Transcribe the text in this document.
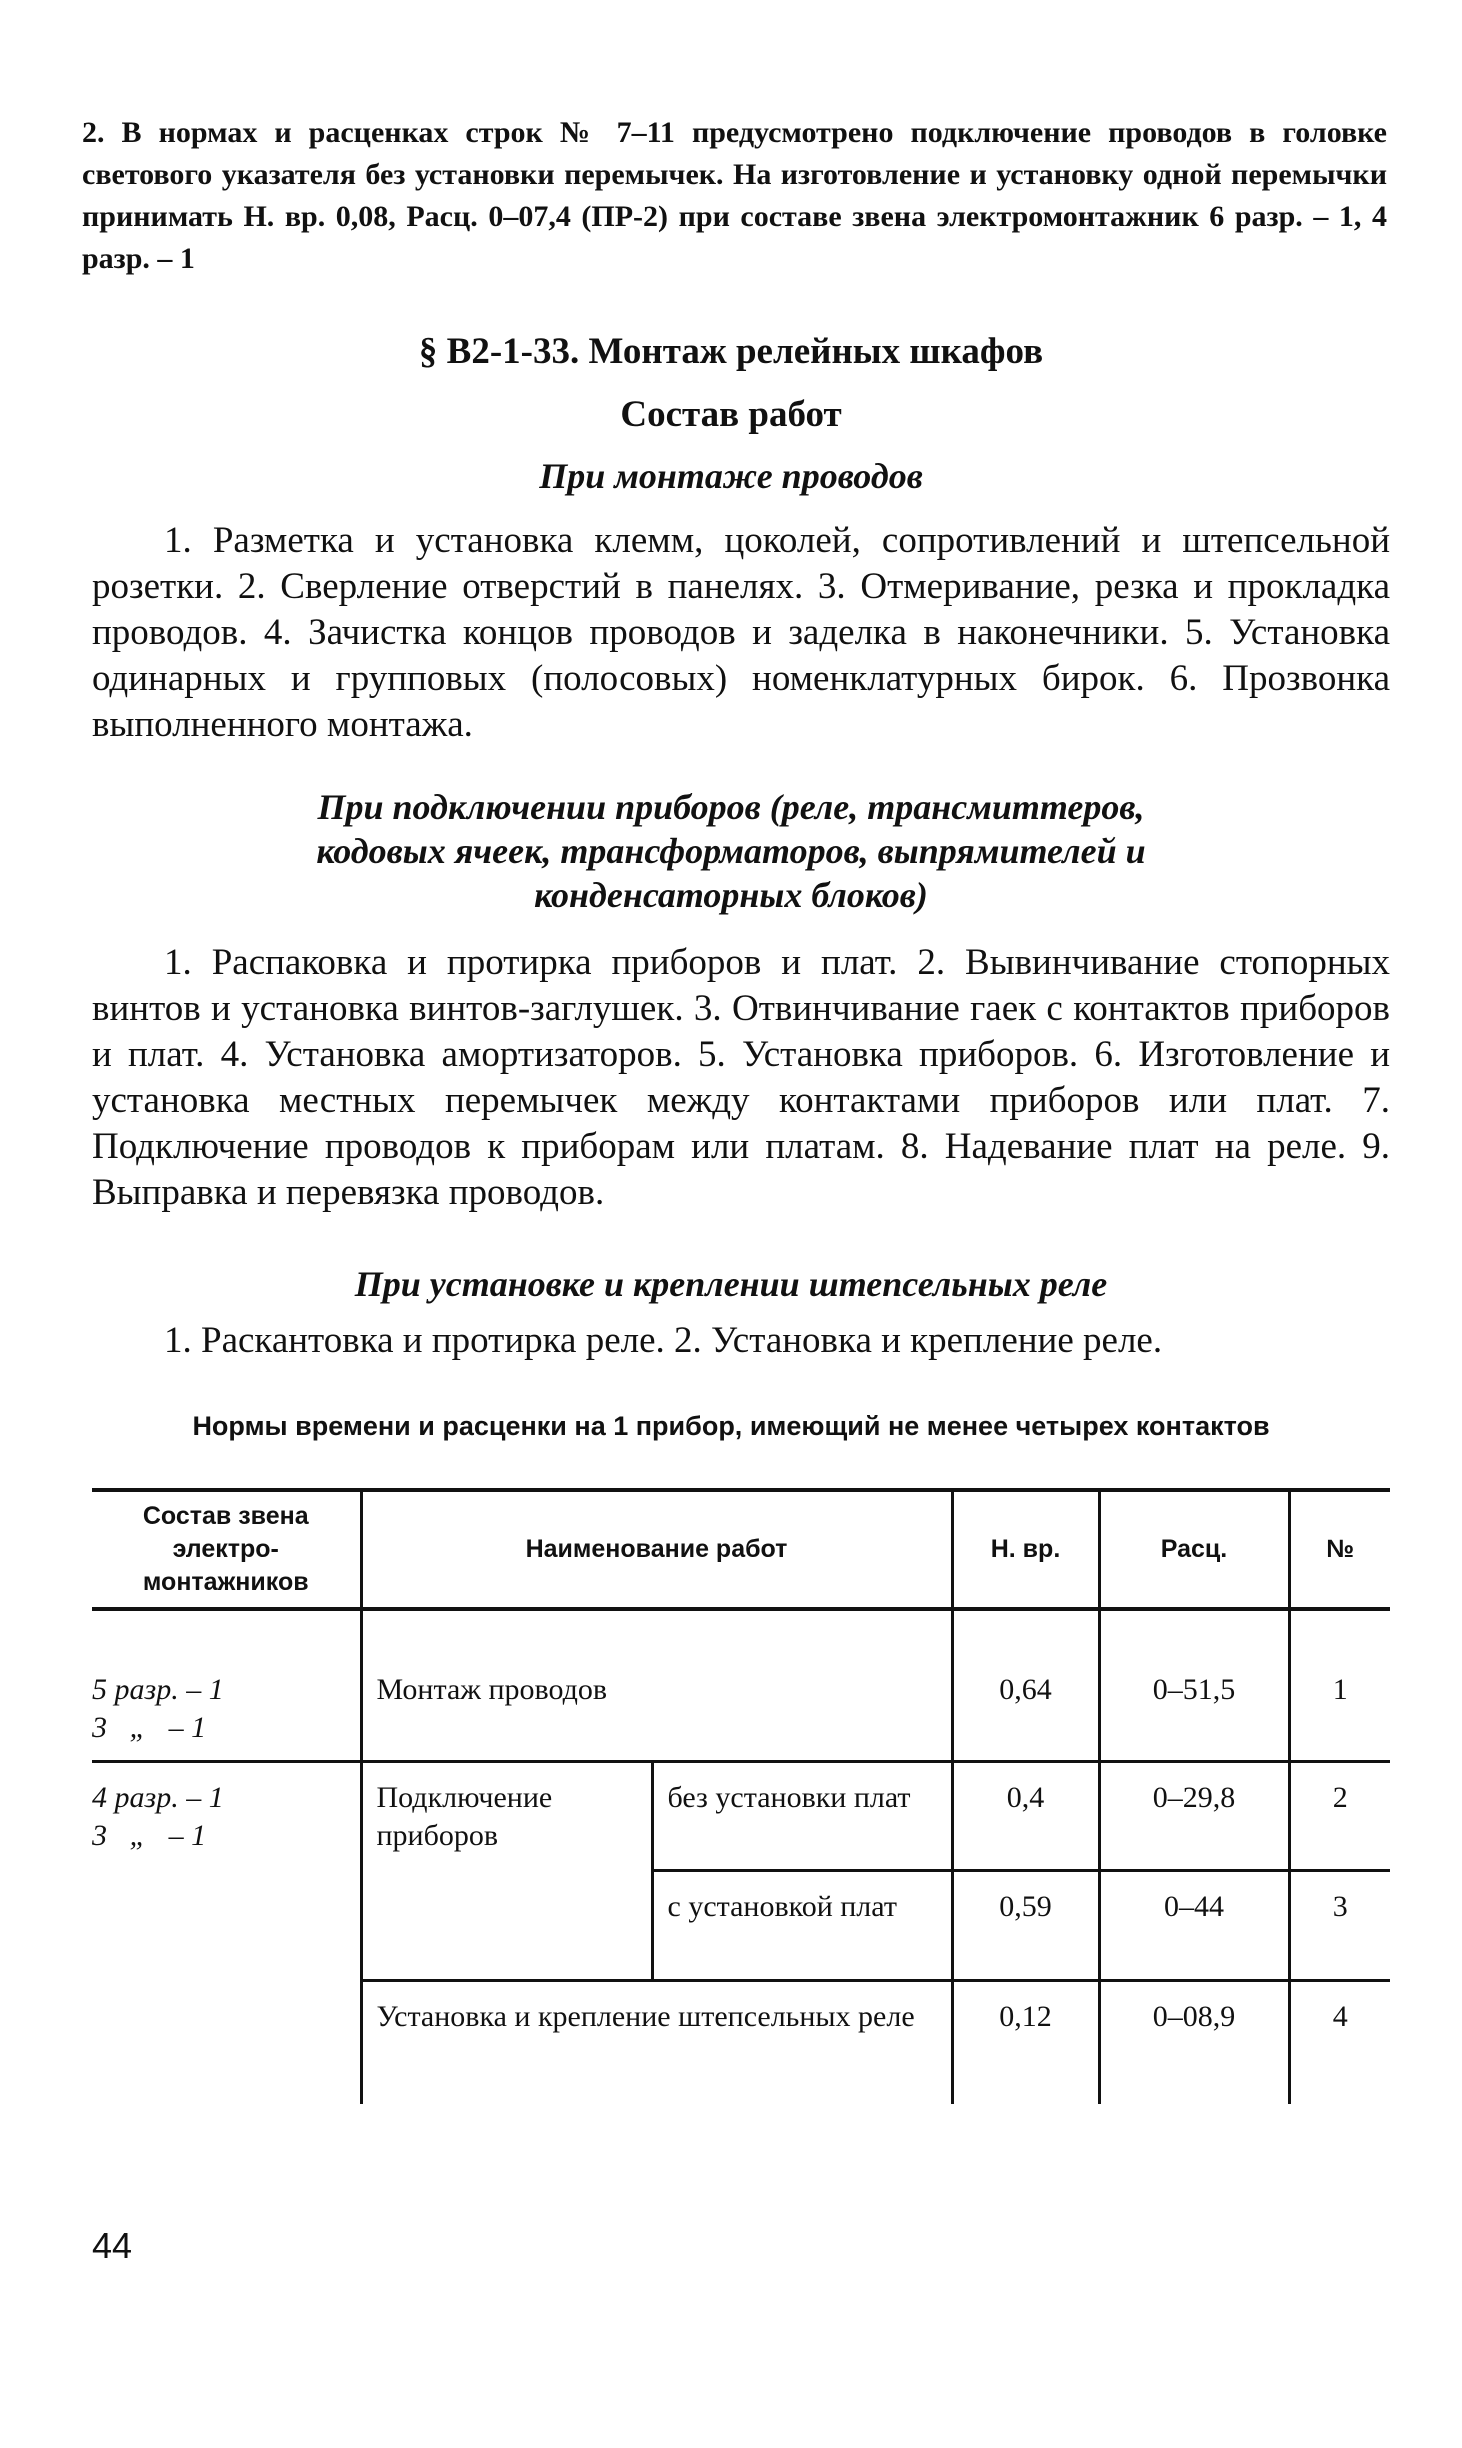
2. В нормах и расценках строк № 7–11 предусмотрено подключение проводов в головке светового указателя без установки перемычек. На изготовление и установку одной перемычки принимать Н. вр. 0,08, Расц. 0–07,4 (ПР-2) при составе звена электромонтажник 6 разр. – 1, 4 разр. – 1

§ В2-1-33. Монтаж релейных шкафов
Состав работ
При монтаже проводов

1. Разметка и установка клемм, цоколей, сопротивлений и штепсельной розетки. 2. Сверление отверстий в панелях. 3. Отмеривание, резка и прокладка проводов. 4. Зачистка концов проводов и заделка в наконечники. 5. Установка одинарных и групповых (полосовых) номенклатурных бирок. 6. Прозвонка выполненного монтажа.

При подключении приборов (реле, трансмиттеров, кодовых ячеек, трансформаторов, выпрямителей и конденсаторных блоков)

1. Распаковка и протирка приборов и плат. 2. Вывинчивание стопорных винтов и установка винтов-заглушек. 3. Отвинчивание гаек с контактов приборов и плат. 4. Установка амортизаторов. 5. Установка приборов. 6. Изготовление и установка местных перемычек между контактами приборов или плат. 7. Подключение проводов к приборам или платам. 8. Надевание плат на реле. 9. Выправка и перевязка проводов.

При установке и креплении штепсельных реле

1. Раскантовка и протирка реле. 2. Установка и крепление реле.

Нормы времени и расценки на 1 прибор, имеющий не менее четырех контактов

Состав звена электро-монтажников	Наименование работ		Н. вр.	Расц.	№
5 разр. – 1
3   „   – 1	Монтаж проводов		0,64	0–51,5	1
4 разр. – 1
3   „   – 1	Подключение приборов	без установки плат	0,4	0–29,8	2
		с установкой плат	0,59	0–44	3
	Установка и крепление штепсельных реле		0,12	0–08,9	4

44
